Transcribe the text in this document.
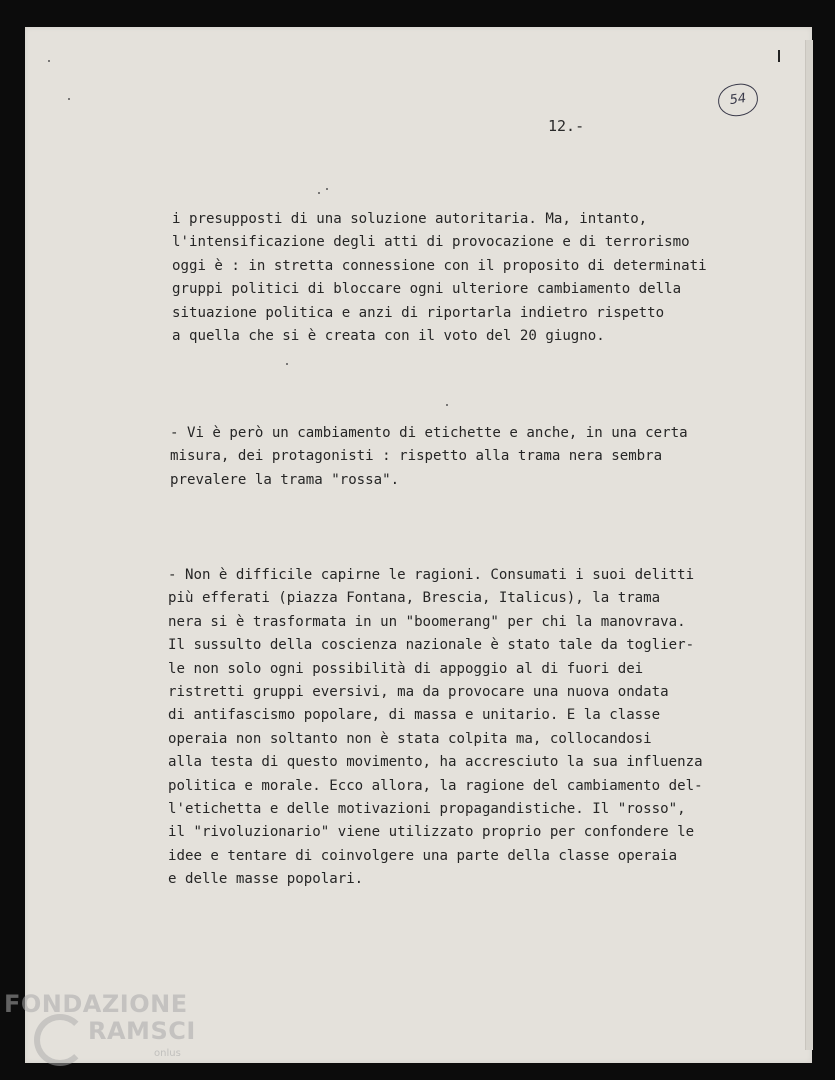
54
12.-
i presupposti di una soluzione autoritaria. Ma, intanto,
l'intensificazione degli atti di provocazione e di terrorismo
oggi è : in stretta connessione con il proposito di determinati
gruppi politici di bloccare ogni ulteriore cambiamento della
situazione politica e anzi di riportarla indietro rispetto
a quella che si è creata con il voto del 20 giugno.
- Vi è però un cambiamento di etichette e anche, in una certa
misura, dei protagonisti : rispetto alla trama nera sembra
prevalere la trama "rossa".
- Non è difficile capirne le ragioni. Consumati i suoi delitti
più efferati (piazza Fontana, Brescia, Italicus), la trama
nera si è trasformata in un "boomerang" per chi la manovrava.
Il sussulto della coscienza nazionale è stato tale da toglier-
le non solo ogni possibilità di appoggio al di fuori dei
ristretti gruppi eversivi, ma da provocare una nuova ondata
di antifascismo popolare, di massa e unitario. E la classe
operaia non soltanto non è stata colpita ma, collocandosi
alla testa di questo movimento, ha accresciuto la sua influenza
politica e morale. Ecco allora, la ragione del cambiamento del-
l'etichetta e delle motivazioni propagandistiche. Il "rosso",
il "rivoluzionario" viene utilizzato proprio per confondere le
idee e tentare di coinvolgere una parte della classe operaia
e delle masse popolari.
FONDAZIONE
RAMSCI
onlus
